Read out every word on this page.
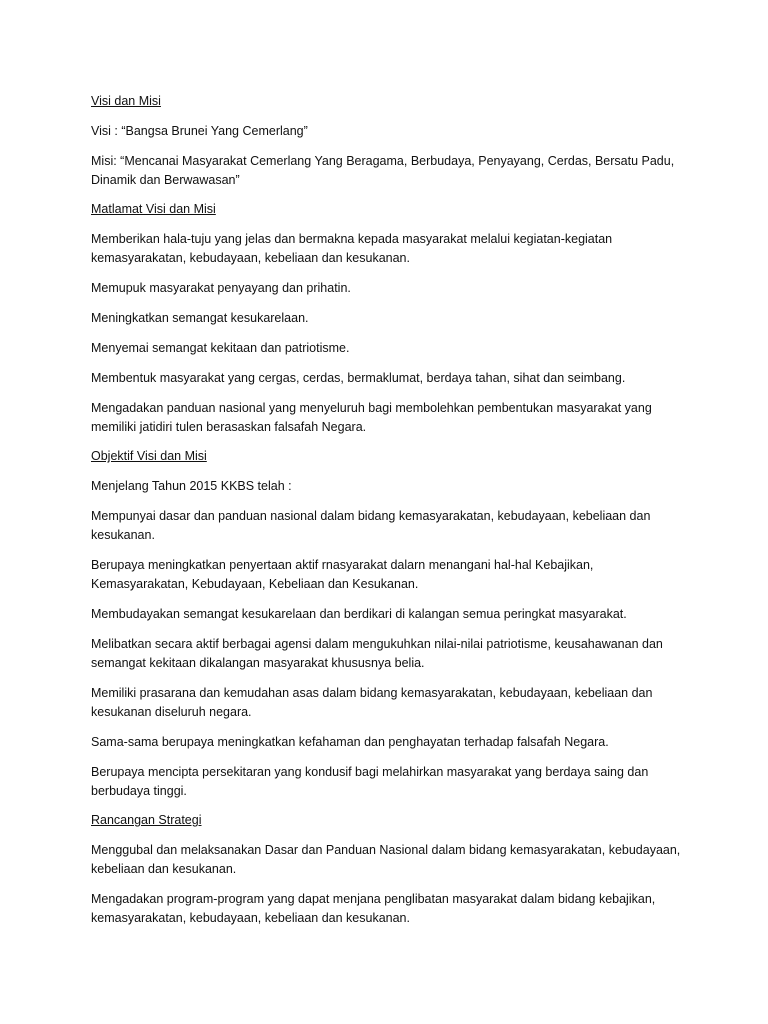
Visi dan Misi
Visi : “Bangsa Brunei Yang Cemerlang”
Misi: “Mencanai Masyarakat Cemerlang Yang Beragama, Berbudaya, Penyayang, Cerdas, Bersatu Padu, Dinamik dan Berwawasan”
Matlamat Visi dan Misi
Memberikan hala-tuju yang jelas dan bermakna kepada masyarakat melalui kegiatan-kegiatan kemasyarakatan, kebudayaan, kebeliaan dan kesukanan.
Memupuk masyarakat penyayang dan prihatin.
Meningkatkan semangat kesukarelaan.
Menyemai semangat kekitaan dan patriotisme.
Membentuk masyarakat yang cergas, cerdas, bermaklumat, berdaya tahan, sihat dan seimbang.
Mengadakan panduan nasional yang menyeluruh bagi membolehkan pembentukan masyarakat yang memiliki jatidiri tulen berasaskan falsafah Negara.
Objektif Visi dan Misi
Menjelang Tahun 2015 KKBS telah :
Mempunyai dasar dan panduan nasional dalam bidang kemasyarakatan, kebudayaan, kebeliaan dan kesukanan.
Berupaya meningkatkan penyertaan aktif rnasyarakat dalarn menangani hal-hal Kebajikan, Kemasyarakatan, Kebudayaan, Kebeliaan dan Kesukanan.
Membudayakan semangat kesukarelaan dan berdikari di kalangan semua peringkat masyarakat.
Melibatkan secara aktif berbagai agensi dalam mengukuhkan nilai-nilai patriotisme, keusahawanan dan semangat kekitaan dikalangan masyarakat khususnya belia.
Memiliki prasarana dan kemudahan asas dalam bidang kemasyarakatan, kebudayaan, kebeliaan dan kesukanan diseluruh negara.
Sama-sama berupaya meningkatkan kefahaman dan penghayatan terhadap falsafah Negara.
Berupaya mencipta persekitaran yang kondusif bagi melahirkan masyarakat yang berdaya saing dan berbudaya tinggi.
Rancangan Strategi
Menggubal dan melaksanakan Dasar dan Panduan Nasional dalam bidang kemasyarakatan, kebudayaan, kebeliaan dan kesukanan.
Mengadakan program-program yang dapat menjana penglibatan masyarakat dalam bidang kebajikan, kemasyarakatan, kebudayaan, kebeliaan dan kesukanan.
